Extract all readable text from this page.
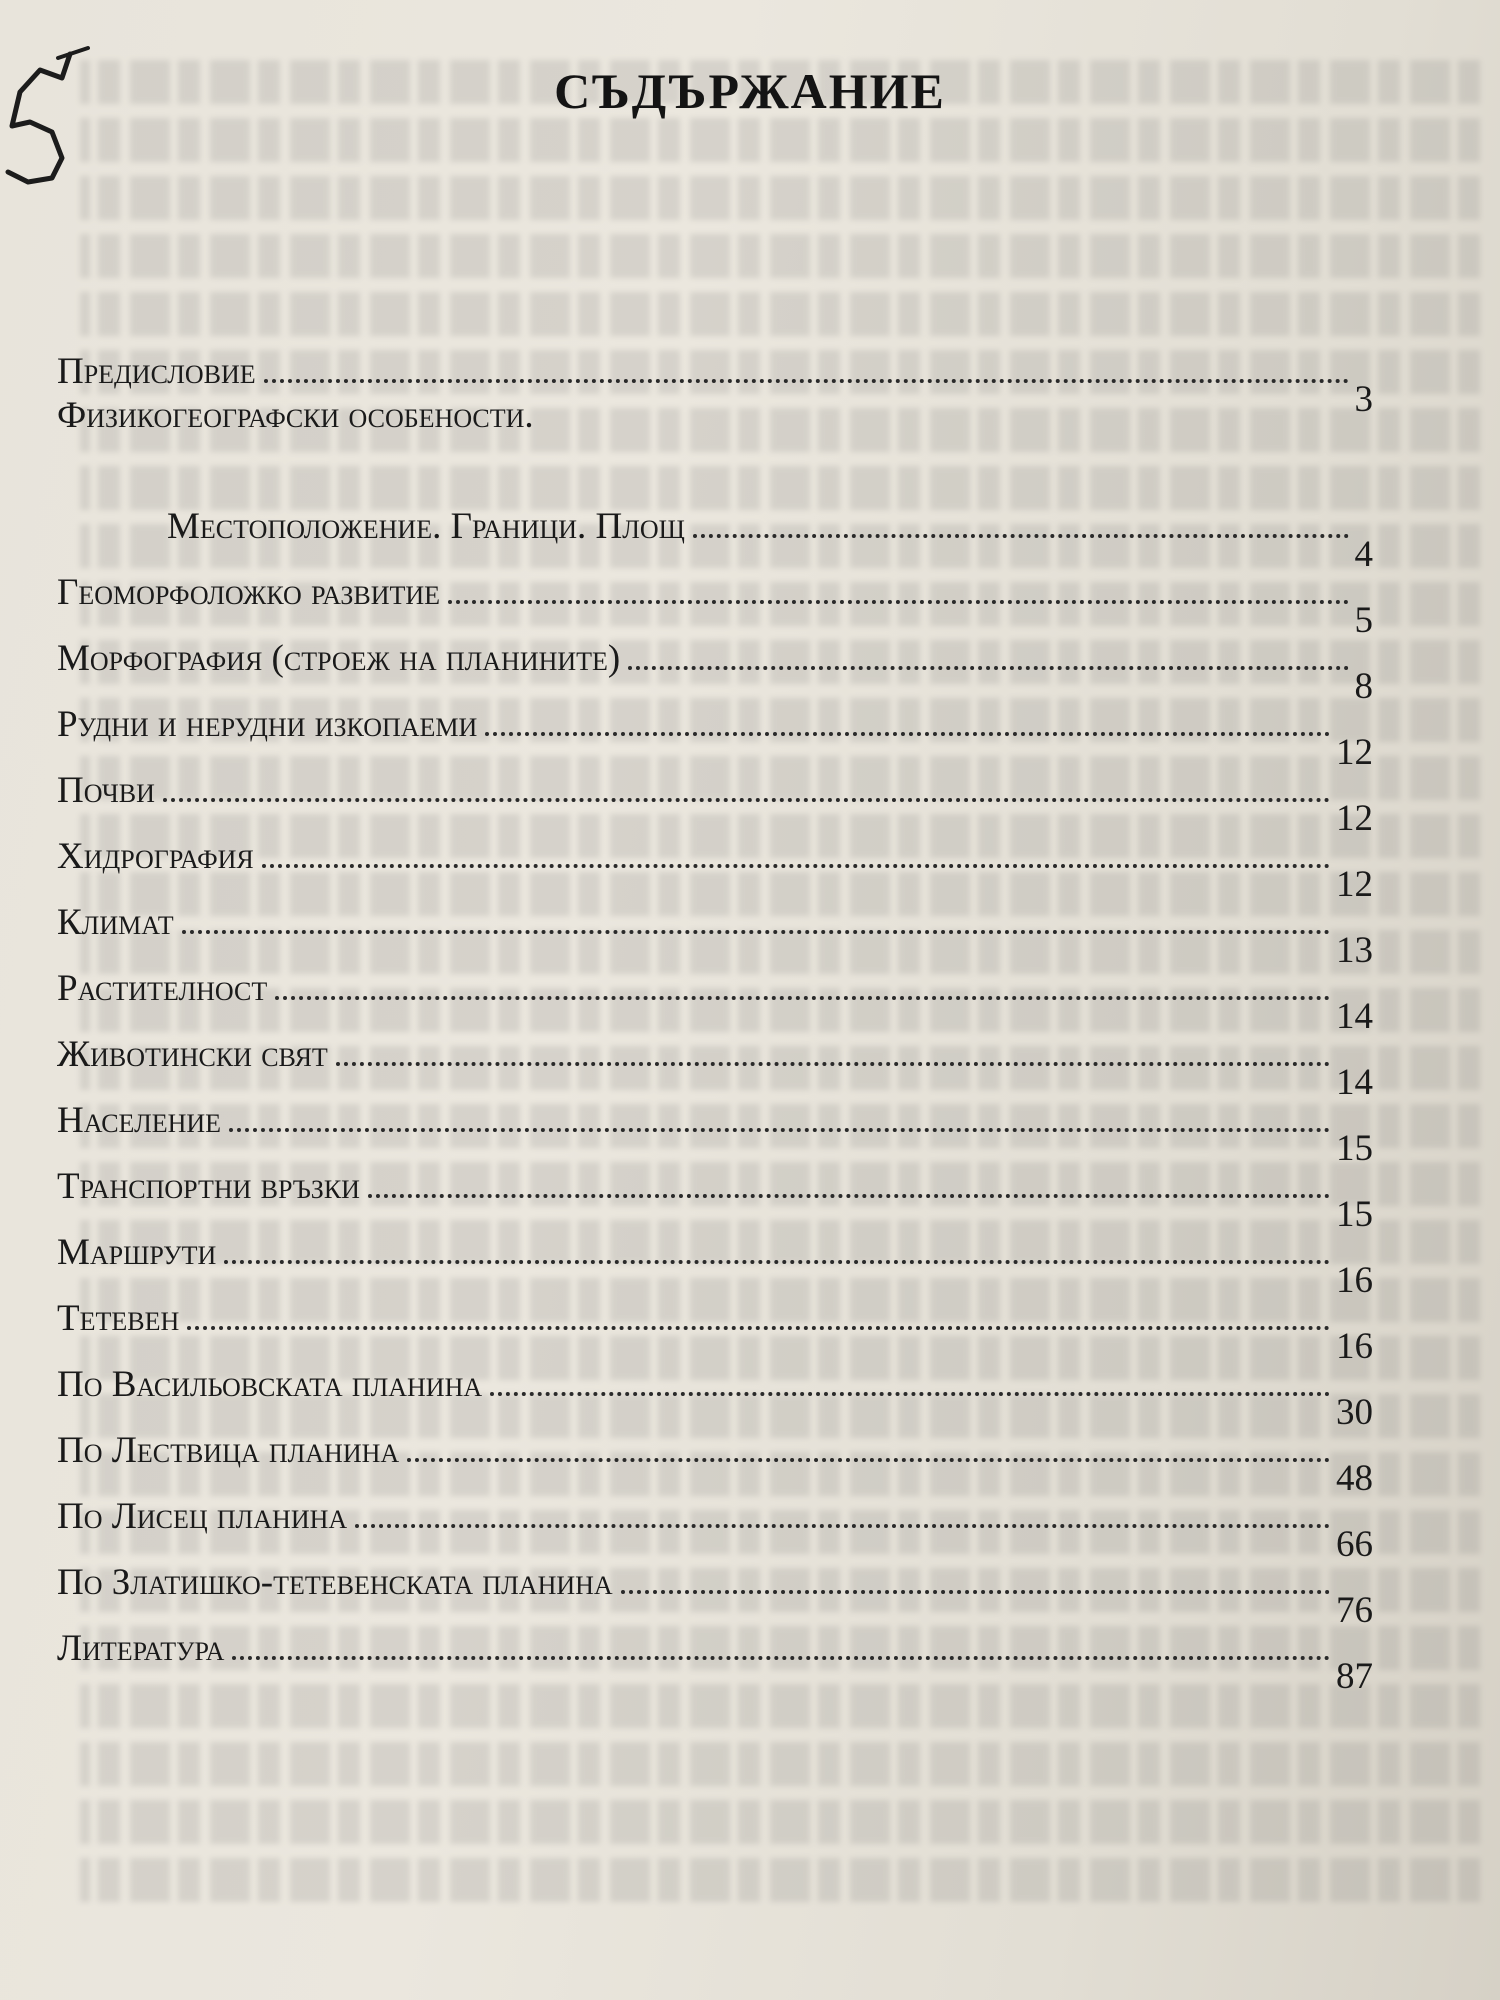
СЪДЪРЖАНИЕ
Предисловие
3
Физикогеографски особености.
Местоположение. Граници. Площ
4
Геоморфоложко развитие
5
Морфография (строеж на планините)
8
Рудни и нерудни изкопаеми
12
Почви
12
Хидрография
12
Климат
13
Растителност
14
Животински свят
14
Население
15
Транспортни връзки
15
Маршрути
16
Тетевен
16
По Васильовската планина
30
По Лествица планина
48
По Лисец планина
66
По Златишко-тетевенската планина
76
Литература
87
